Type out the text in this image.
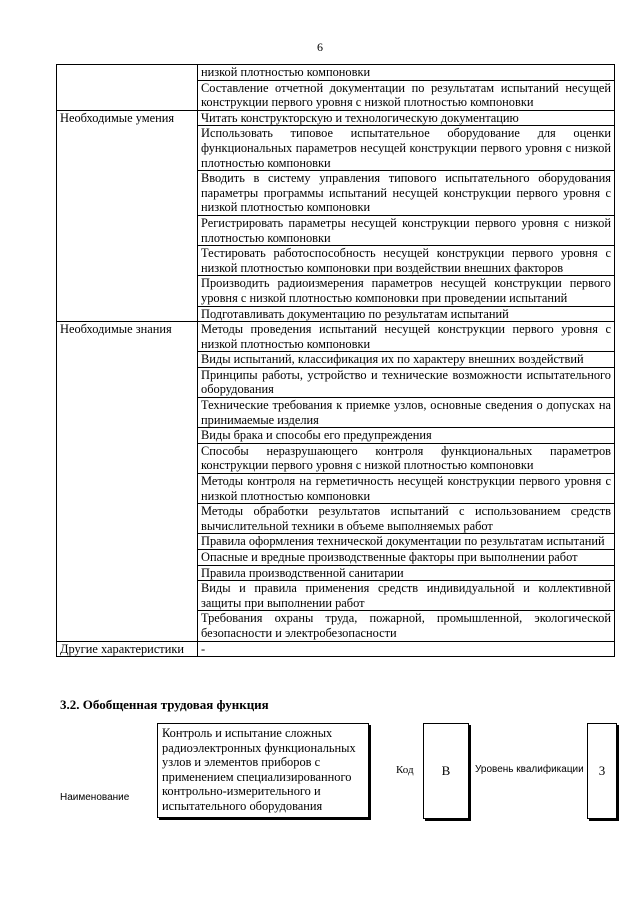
6
	низкой плотностью компоновки
	Составление отчетной документации по результатам испытаний несущей конструкции первого уровня с низкой плотностью компоновки
Необходимые умения	Читать конструкторскую и технологическую документацию
	Использовать типовое испытательное оборудование для оценки функциональных параметров несущей конструкции первого уровня с низкой плотностью компоновки
	Вводить в систему управления типового испытательного оборудования параметры программы испытаний несущей конструкции первого уровня с низкой плотностью компоновки
	Регистрировать параметры несущей конструкции первого уровня с низкой плотностью компоновки
	Тестировать работоспособность несущей конструкции первого уровня с низкой плотностью компоновки при воздействии внешних факторов
	Производить радиоизмерения параметров несущей конструкции первого уровня с низкой плотностью компоновки при проведении испытаний
	Подготавливать документацию по результатам испытаний
Необходимые знания	Методы проведения испытаний несущей конструкции первого уровня с низкой плотностью компоновки
	Виды испытаний, классификация их по характеру внешних воздействий
	Принципы работы, устройство и технические возможности испытательного оборудования
	Технические требования к приемке узлов, основные сведения о допусках на принимаемые изделия
	Виды брака и способы его предупреждения
	Способы неразрушающего контроля функциональных параметров конструкции первого уровня с низкой плотностью компоновки
	Методы контроля на герметичность несущей конструкции первого уровня с низкой плотностью компоновки
	Методы обработки результатов испытаний с использованием средств вычислительной техники в объеме выполняемых работ
	Правила оформления технической документации по результатам испытаний
	Опасные и вредные производственные факторы при выполнении работ
	Правила производственной санитарии
	Виды и правила применения средств индивидуальной и коллективной защиты при выполнении работ
	Требования охраны труда, пожарной, промышленной, экологической безопасности и электробезопасности
Другие характеристики	-
3.2. Обобщенная трудовая функция
Наименование
Контроль и испытание сложных радиоэлектронных функциональных узлов и элементов приборов с применением специализированного контрольно-измерительного и испытательного оборудования
Код	B	Уровень квалификации	3
